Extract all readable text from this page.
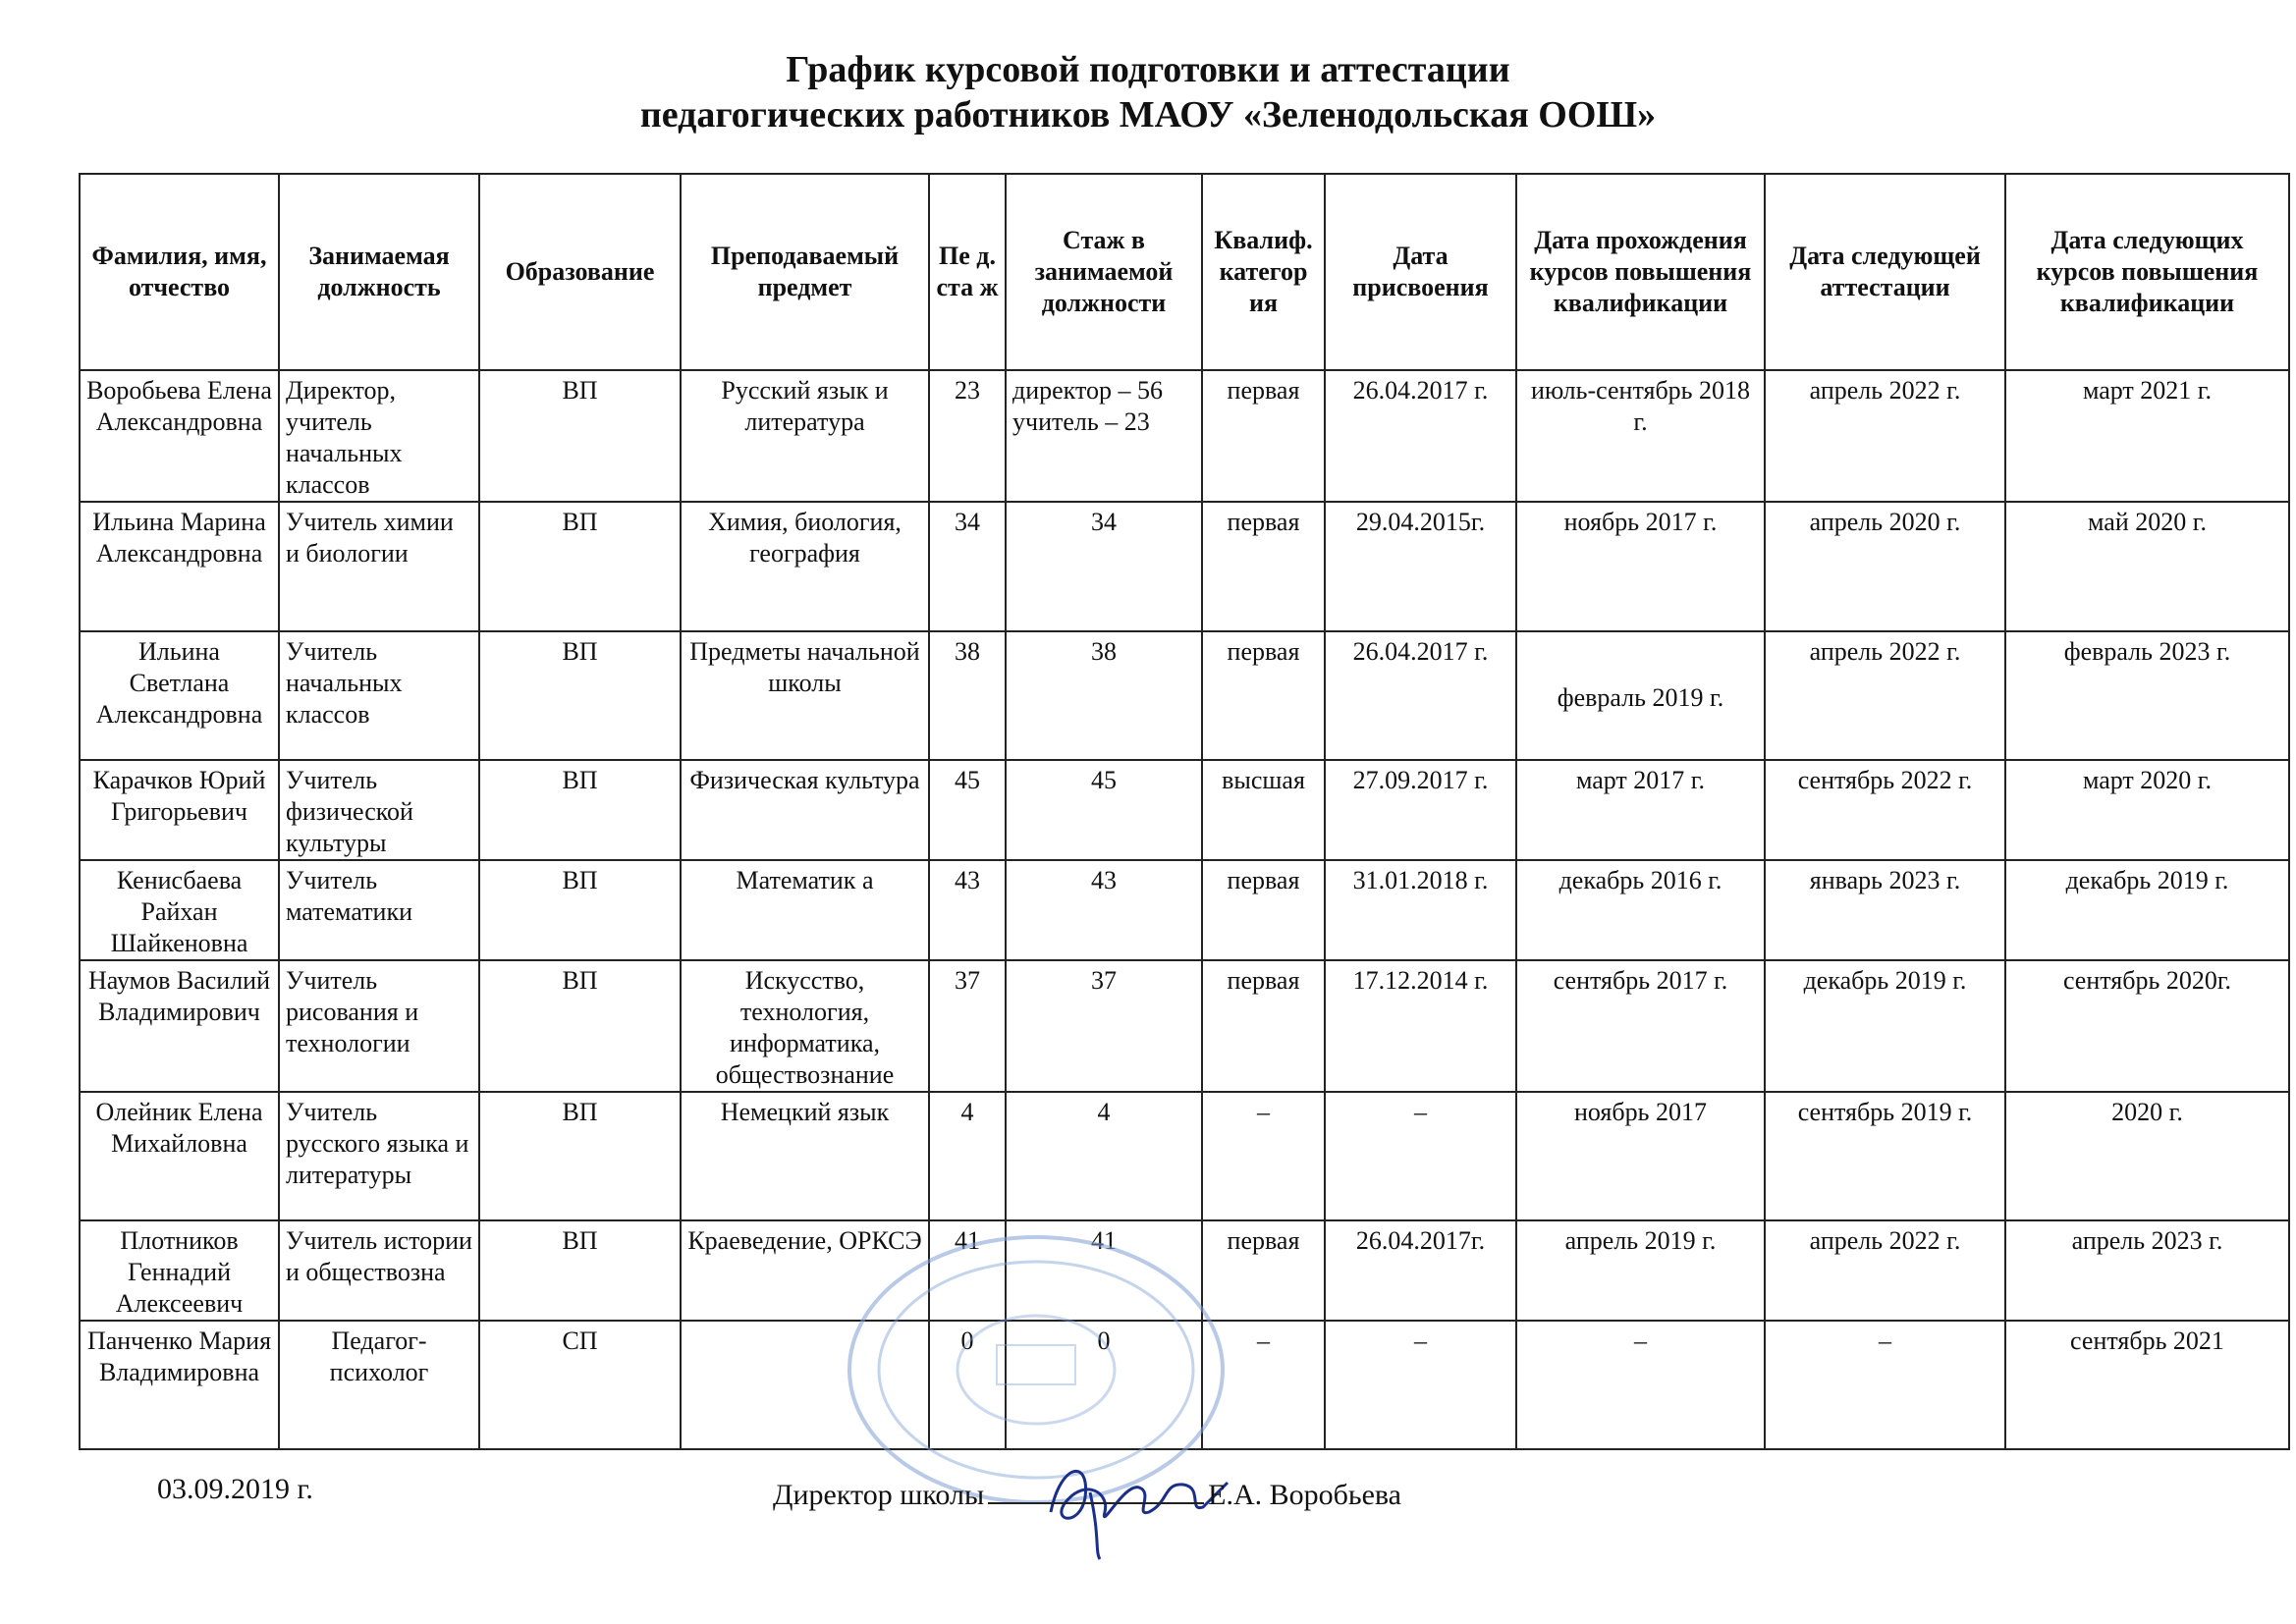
График курсовой подготовки и аттестации
педагогических работников МАОУ «Зеленодольская ООШ»
Фамилия, имя, отчество	Занимаемая должность	Образование	Преподаваемый предмет	Пе д. ста ж	Стаж в занимаемой должности	Квалиф. категор ия	Дата присвоения	Дата прохождения курсов повышения квалификации	Дата следующей аттестации	Дата следующих курсов повышения квалификации
Воробьева Елена Александровна	Директор, учитель начальных классов	ВП	Русский язык и литература	23	директор – 56 учитель – 23	первая	26.04.2017 г.	июль-сентябрь 2018 г.	апрель 2022 г.	март 2021 г.
Ильина Марина Александровна	Учитель химии и биологии	ВП	Химия, биология, география	34	34	первая	29.04.2015г.	ноябрь 2017 г.	апрель 2020 г.	май 2020 г.
Ильина Светлана Александровна	Учитель начальных классов	ВП	Предметы начальной школы	38	38	первая	26.04.2017 г.	февраль 2019 г.	апрель 2022 г.	февраль 2023 г.
Карачков Юрий Григорьевич	Учитель физической культуры	ВП	Физическая культура	45	45	высшая	27.09.2017 г.	март 2017 г.	сентябрь 2022 г.	март 2020 г.
Кенисбаева Райхан Шайкеновна	Учитель математики	ВП	Математик а	43	43	первая	31.01.2018 г.	декабрь 2016 г.	январь 2023 г.	декабрь 2019 г.
Наумов Василий Владимирович	Учитель рисования и технологии	ВП	Искусство, технология, информатика, обществознание	37	37	первая	17.12.2014 г.	сентябрь 2017 г.	декабрь 2019 г.	сентябрь 2020г.
Олейник Елена Михайловна	Учитель русского языка и литературы	ВП	Немецкий язык	4	4	–	–	ноябрь 2017	сентябрь 2019 г.	2020 г.
Плотников Геннадий Алексеевич	Учитель истории и обществозна	ВП	Краеведение, ОРКСЭ	41	41	первая	26.04.2017г.	апрель 2019 г.	апрель 2022 г.	апрель 2023 г.
Панченко Мария Владимировна	Педагог-психолог	СП		0	0	–	–	–	–	сентябрь 2021
03.09.2019 г.	Директор школы	Е.А. Воробьева
